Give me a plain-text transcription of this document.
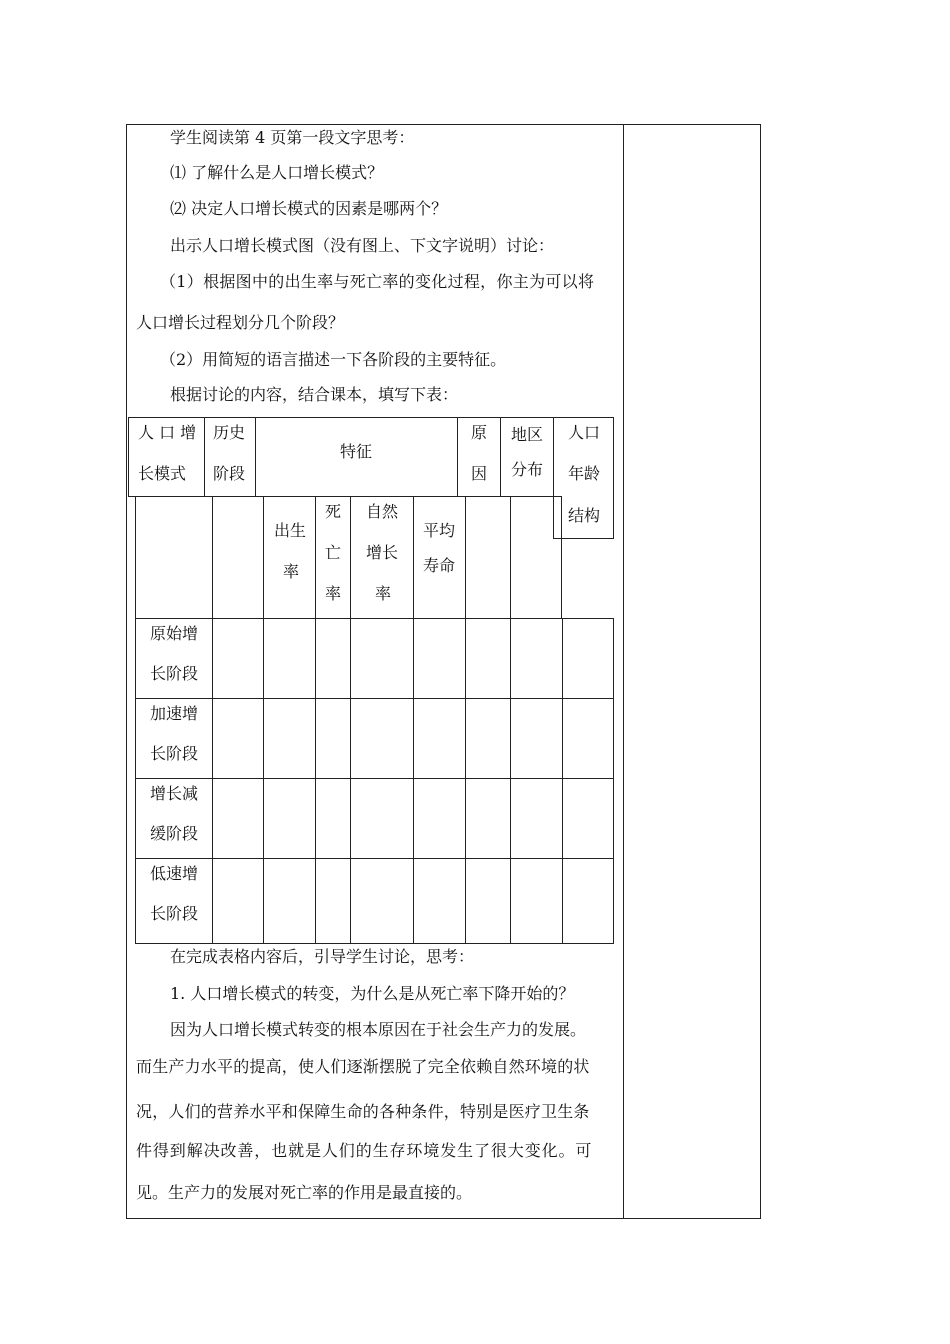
学生阅读第 4 页第一段文字思考：
⑴ 了解什么是人口增长模式？
⑵ 决定人口增长模式的因素是哪两个？
出示人口增长模式图（没有图上、下文字说明）讨论：
（1）根据图中的出生率与死亡率的变化过程，你主为可以将
人口增长过程划分几个阶段？
（2）用简短的语言描述一下各阶段的主要特征。
根据讨论的内容，结合课本，填写下表：
人 口 增
长模式
历史
阶段
特征
原
因
地区
分布
人口
年龄
结构
出生
率
死
亡
率
自然
增长
率
平均
寿命
原始增
长阶段
加速增
长阶段
增长减
缓阶段
低速增
长阶段
在完成表格内容后，引导学生讨论，思考：
1. 人口增长模式的转变，为什么是从死亡率下降开始的？
因为人口增长模式转变的根本原因在于社会生产力的发展。
而生产力水平的提高，使人们逐渐摆脱了完全依赖自然环境的状
况，人们的营养水平和保障生命的各种条件，特别是医疗卫生条
件得到解决改善，也就是人们的生存环境发生了很大变化。可
见。生产力的发展对死亡率的作用是最直接的。
